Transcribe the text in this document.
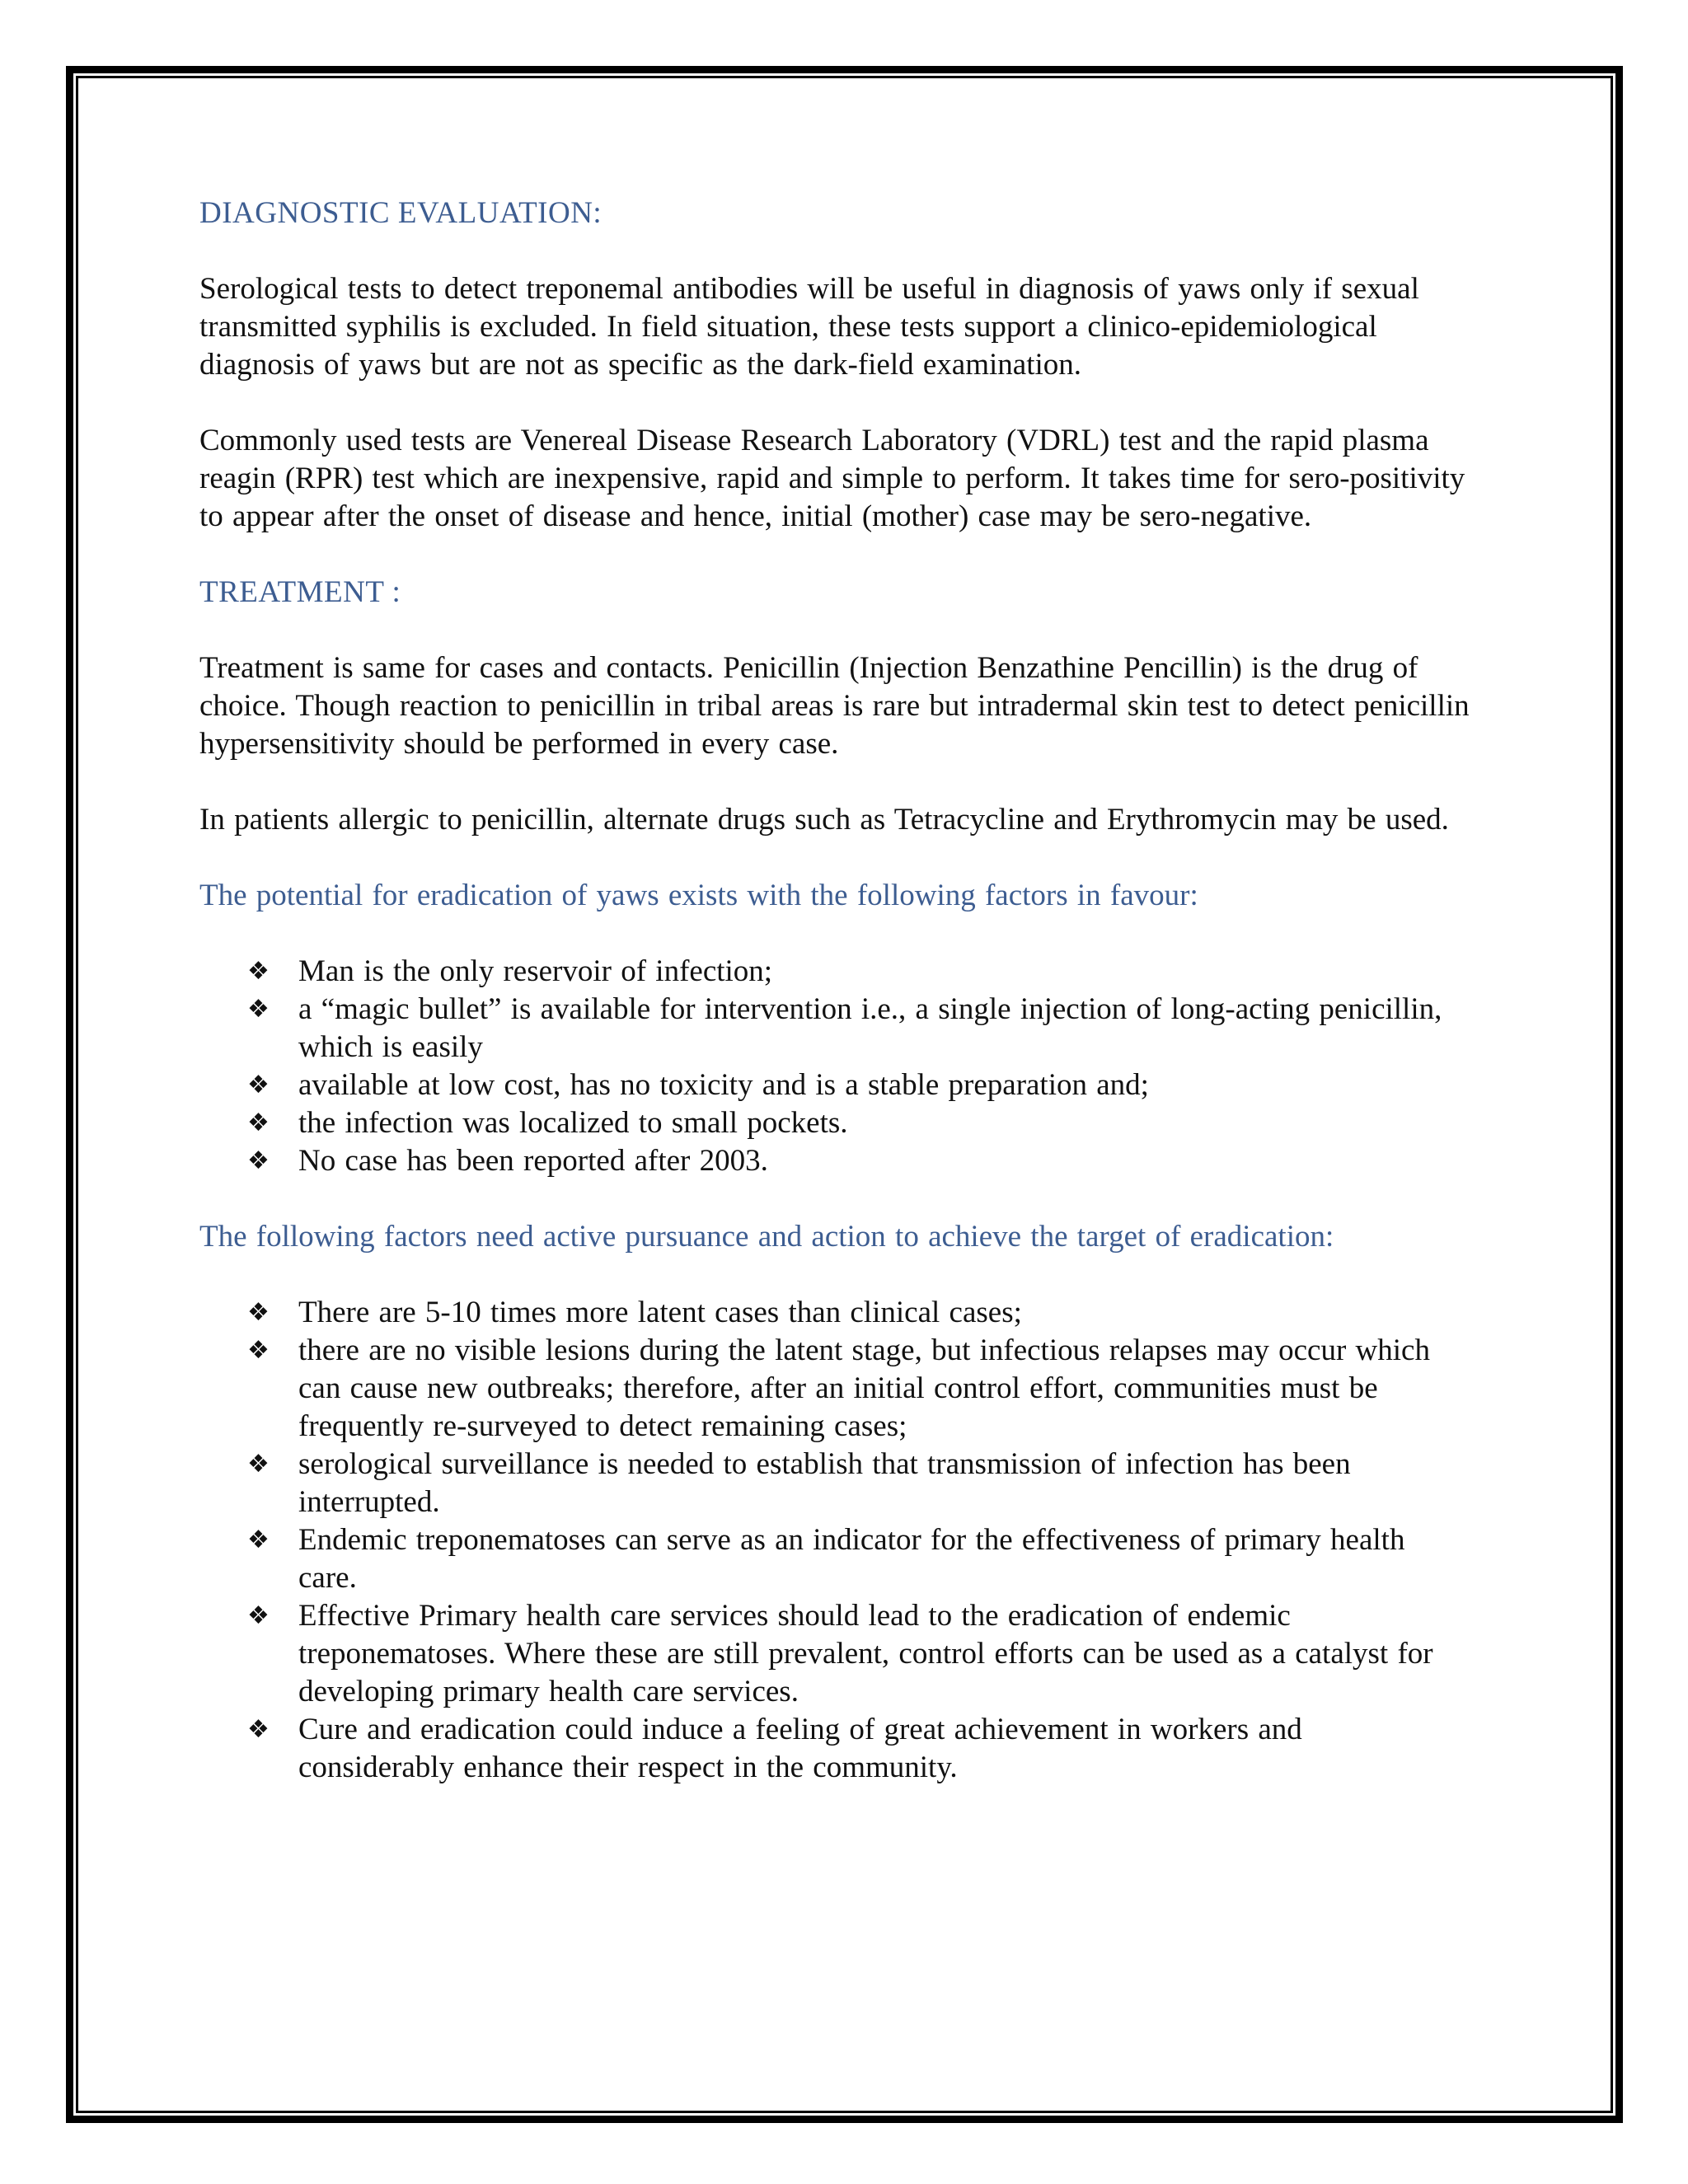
DIAGNOSTIC EVALUATION:

Serological tests to detect treponemal antibodies will be useful in diagnosis of yaws only if sexual transmitted syphilis is excluded. In field situation, these tests support a clinico-epidemiological diagnosis of yaws but are not as specific as the dark-field examination.

Commonly used tests are Venereal Disease Research Laboratory (VDRL) test and the rapid plasma reagin (RPR) test which are inexpensive, rapid and simple to perform. It takes time for sero-positivity to appear after the onset of disease and hence, initial (mother) case may be sero-negative.

TREATMENT :

Treatment is same for cases and contacts. Penicillin (Injection Benzathine Pencillin) is the drug of choice. Though reaction to penicillin in tribal areas is rare but intradermal skin test to detect penicillin hypersensitivity should be performed in every case.

In patients allergic to penicillin, alternate drugs such as Tetracycline and Erythromycin may be used.

The potential for eradication of yaws exists with the following factors in favour:
❖ Man is the only reservoir of infection;
❖ a “magic bullet” is available for intervention i.e., a single injection of long-acting penicillin, which is easily
❖ available at low cost, has no toxicity and is a stable preparation and;
❖ the infection was localized to small pockets.
❖ No case has been reported after 2003.
The following factors need active pursuance and action to achieve the target of eradication:
❖ There are 5-10 times more latent cases than clinical cases;
❖ there are no visible lesions during the latent stage, but infectious relapses may occur which can cause new outbreaks; therefore, after an initial control effort, communities must be frequently re-surveyed to detect remaining cases;
❖ serological surveillance is needed to establish that transmission of infection has been interrupted.
❖ Endemic treponematoses can serve as an indicator for the effectiveness of primary health care.
❖ Effective Primary health care services should lead to the eradication of endemic treponematoses. Where these are still prevalent, control efforts can be used as a catalyst for developing primary health care services.
❖ Cure and eradication could induce a feeling of great achievement in workers and considerably enhance their respect in the community.
